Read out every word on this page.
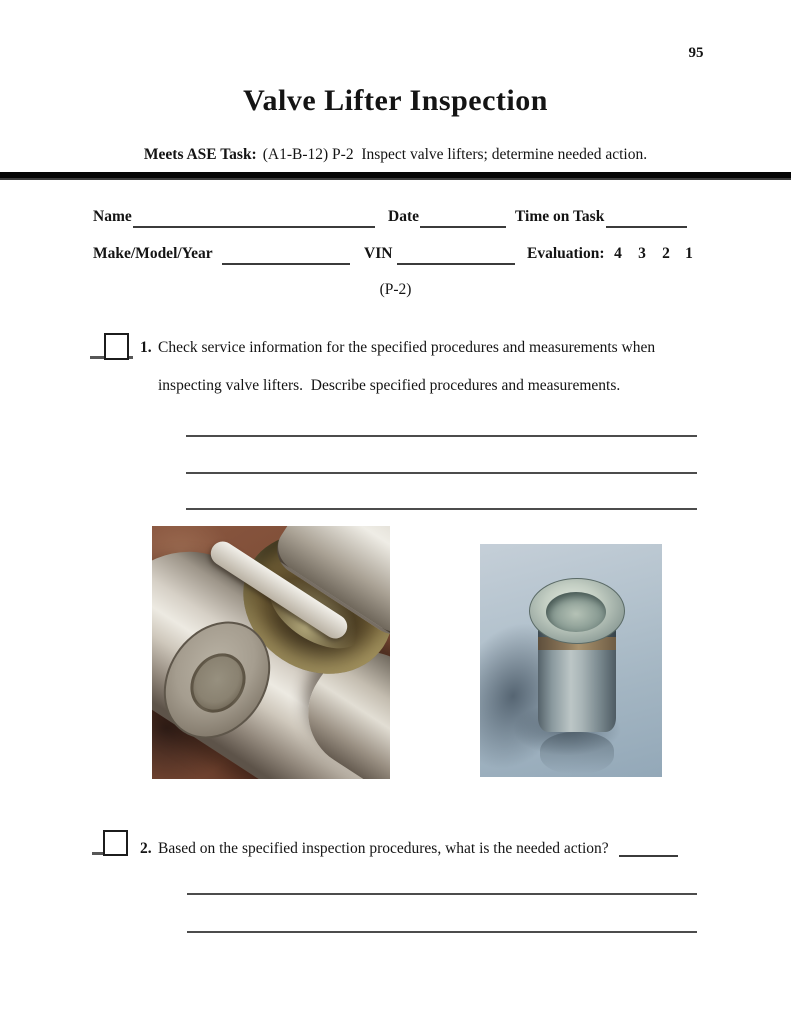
95
Valve Lifter Inspection
Meets ASE Task: (A1-B-12) P-2  Inspect valve lifters; determine needed action.
Name	Date	Time on Task
Make/Model/Year	VIN	Evaluation: 4	3	2 1
(P-2)
1. Check service information for the specified procedures and measurements when
inspecting valve lifters.  Describe specified procedures and measurements.
2. Based on the specified inspection procedures, what is the needed action?
